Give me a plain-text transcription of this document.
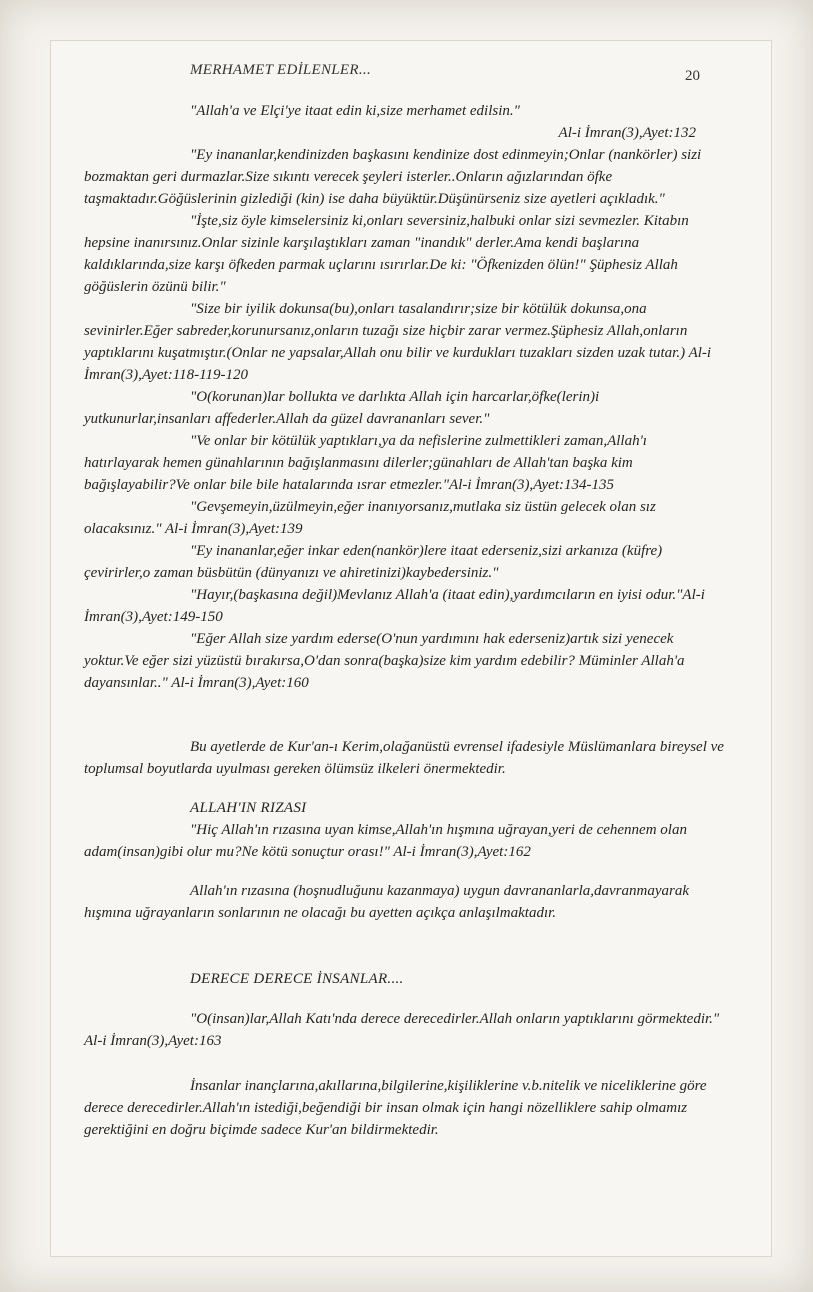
MERHAMET EDİLENLER...	20

"Allah'a ve Elçi'ye itaat edin ki,size merhamet edilsin."

Al-i İmran(3),Ayet:132

"Ey inananlar,kendinizden başkasını kendinize dost edinmeyin;Onlar (nankörler) sizi bozmaktan geri durmazlar.Size sıkıntı verecek şeyleri isterler..Onların ağızlarından öfke taşmaktadır.Göğüslerinin gizlediği (kin) ise daha büyüktür.Düşünürseniz size ayetleri açıkladık."

"İşte,siz öyle kimselersiniz ki,onları seversiniz,halbuki onlar sizi sevmezler. Kitabın hepsine inanırsınız.Onlar sizinle karşılaştıkları zaman "inandık" derler.Ama kendi başlarına kaldıklarında,size karşı öfkeden parmak uçlarını ısırırlar.De ki: "Öfkenizden ölün!" Şüphesiz Allah göğüslerin özünü bilir."

"Size bir iyilik dokunsa(bu),onları tasalandırır;size bir kötülük dokunsa,ona sevinirler.Eğer sabreder,korunursanız,onların tuzağı size hiçbir zarar vermez.Şüphesiz Allah,onların yaptıklarını kuşatmıştır.(Onlar ne yapsalar,Allah onu bilir ve kurdukları tuzakları sizden uzak tutar.) Al-i İmran(3),Ayet:118-119-120

"O(korunan)lar bollukta ve darlıkta Allah için harcarlar,öfke(lerin)i yutkunurlar,insanları affederler.Allah da güzel davrananları sever."

"Ve onlar bir kötülük yaptıkları,ya da nefislerine zulmettikleri zaman,Allah'ı hatırlayarak hemen günahlarının bağışlanmasını dilerler;günahları de Allah'tan başka kim bağışlayabilir?Ve onlar bile bile hatalarında ısrar etmezler."Al-i İmran(3),Ayet:134-135

"Gevşemeyin,üzülmeyin,eğer inanıyorsanız,mutlaka siz üstün gelecek olan sız olacaksınız." Al-i İmran(3),Ayet:139

"Ey inananlar,eğer inkar eden(nankör)lere itaat ederseniz,sizi arkanıza (küfre) çevirirler,o zaman büsbütün (dünyanızı ve ahiretinizi)kaybedersiniz."

"Hayır,(başkasına değil)Mevlanız Allah'a (itaat edin),yardımcıların en iyisi odur."Al-i İmran(3),Ayet:149-150

"Eğer Allah size yardım ederse(O'nun yardımını hak ederseniz)artık sizi yenecek yoktur.Ve eğer sizi yüzüstü bırakırsa,O'dan sonra(başka)size kim yardım edebilir? Müminler Allah'a dayansınlar.." Al-i İmran(3),Ayet:160

Bu ayetlerde de Kur'an-ı Kerim,olağanüstü evrensel ifadesiyle Müslümanlara bireysel ve toplumsal boyutlarda uyulması gereken ölümsüz ilkeleri önermektedir.

ALLAH'IN RIZASI

"Hiç Allah'ın rızasına uyan kimse,Allah'ın hışmına uğrayan,yeri de cehennem olan adam(insan)gibi olur mu?Ne kötü sonuçtur orası!" Al-i İmran(3),Ayet:162

Allah'ın rızasına (hoşnudluğunu kazanmaya) uygun davrananlarla,davranmayarak hışmına uğrayanların sonlarının ne olacağı bu ayetten açıkça anlaşılmaktadır.

DERECE DERECE İNSANLAR....

"O(insan)lar,Allah Katı'nda derece derecedirler.Allah onların yaptıklarını görmektedir." Al-i İmran(3),Ayet:163

İnsanlar inançlarına,akıllarına,bilgilerine,kişiliklerine v.b.nitelik ve niceliklerine göre derece derecedirler.Allah'ın istediği,beğendiği bir insan olmak için hangi nözelliklere sahip olmamız gerektiğini en doğru biçimde sadece Kur'an bildirmektedir.
